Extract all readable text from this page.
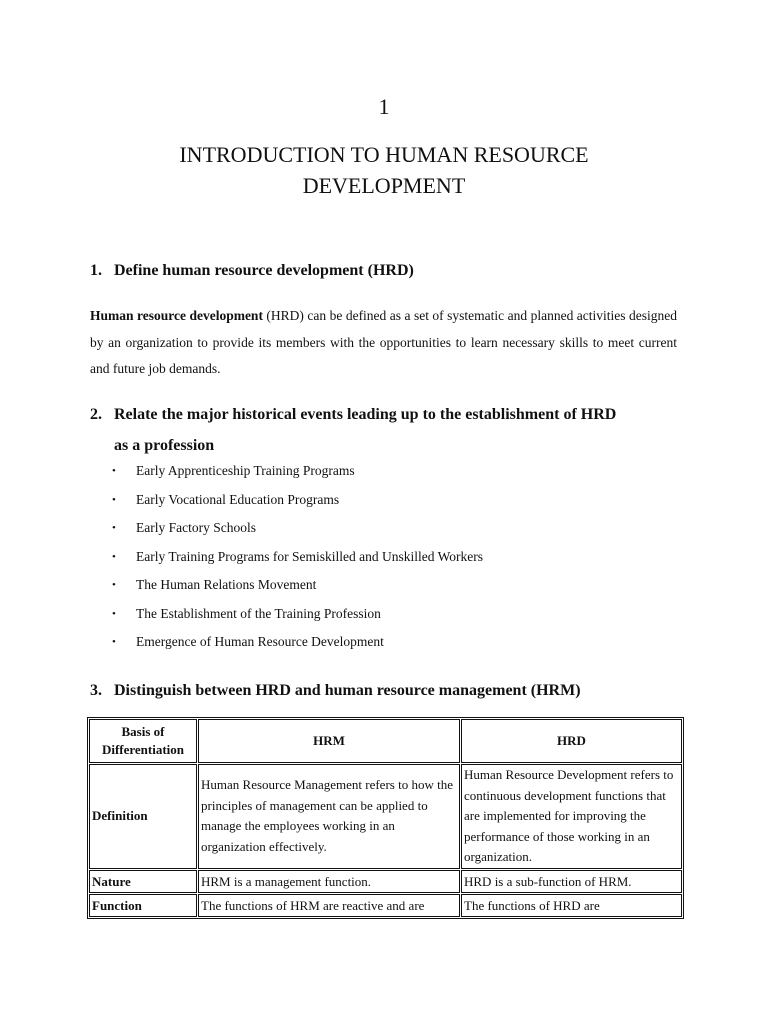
1
INTRODUCTION TO HUMAN RESOURCE
DEVELOPMENT
1. Define human resource development (HRD)
Human resource development (HRD) can be defined as a set of systematic and planned activities designed by an organization to provide its members with the opportunities to learn necessary skills to meet current and future job demands.
2. Relate the major historical events leading up to the establishment of HRD
as a profession
• Early Apprenticeship Training Programs
• Early Vocational Education Programs
• Early Factory Schools
• Early Training Programs for Semiskilled and Unskilled Workers
• The Human Relations Movement
• The Establishment of the Training Profession
• Emergence of Human Resource Development
3. Distinguish between HRD and human resource management (HRM)
Basis of Differentiation	HRM	HRD
Definition	Human Resource Management refers to how the principles of management can be applied to manage the employees working in an organization effectively.	Human Resource Development refers to continuous development functions that are implemented for improving the performance of those working in an organization.
Nature	HRM is a management function.	HRD is a sub-function of HRM.
Function	The functions of HRM are reactive and are	The functions of HRD are
